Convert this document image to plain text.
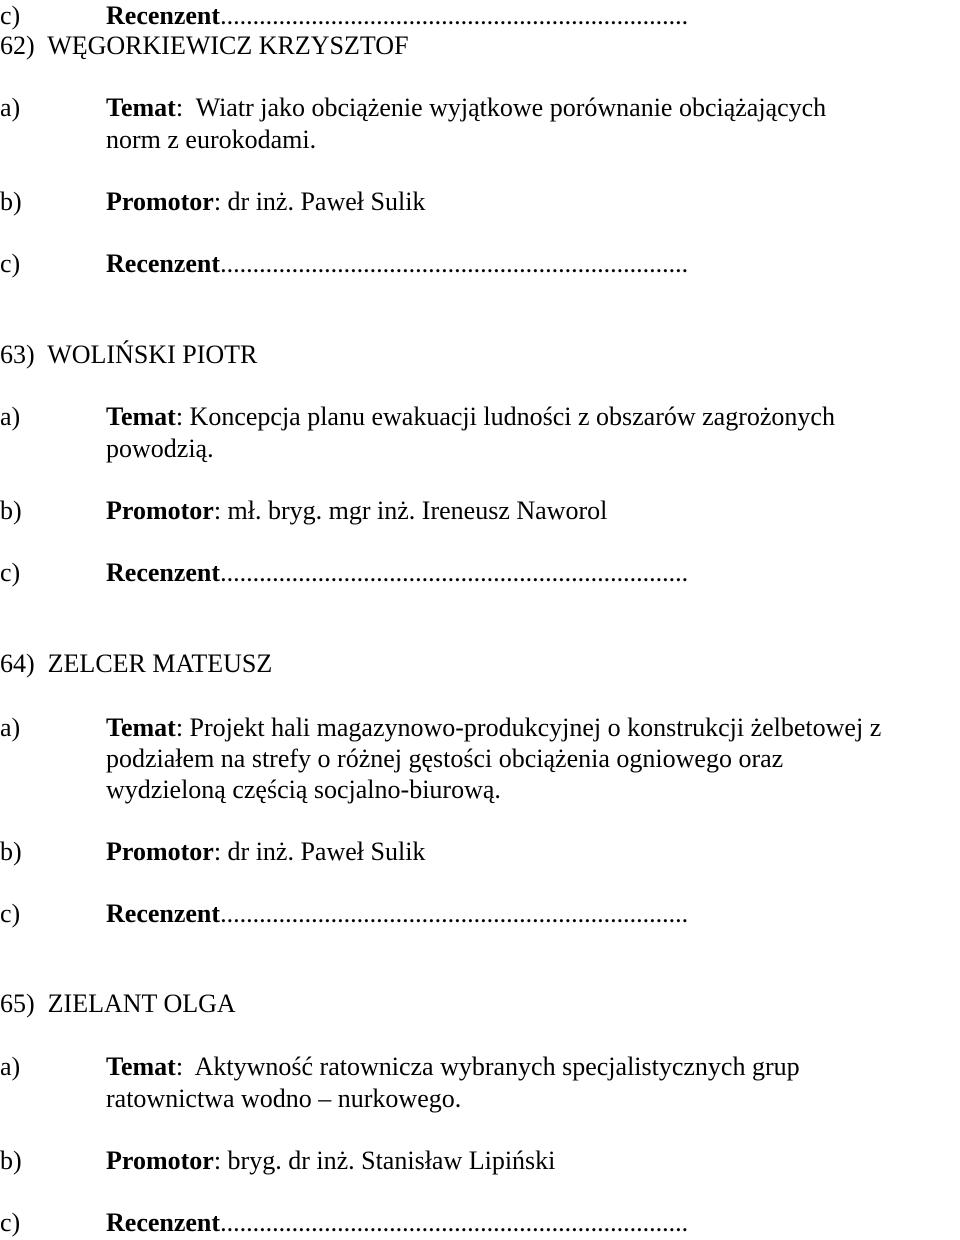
c)	Recenzent........................................................................
62) WĘGORKIEWICZ KRZYSZTOF
a)	Temat:  Wiatr jako obciążenie wyjątkowe porównanie obciążających
norm z eurokodami.
b)	Promotor: dr inż. Paweł Sulik
c)	Recenzent........................................................................
63) WOLIŃSKI PIOTR
a)	Temat: Koncepcja planu ewakuacji ludności z obszarów zagrożonych
powodzią.
b)	Promotor: mł. bryg. mgr inż. Ireneusz Naworol
c)	Recenzent........................................................................
64) ZELCER MATEUSZ
a)	Temat: Projekt hali magazynowo-produkcyjnej o konstrukcji żelbetowej z
podziałem na strefy o różnej gęstości obciążenia ogniowego oraz
wydzieloną częścią socjalno-biurową.
b)	Promotor: dr inż. Paweł Sulik
c)	Recenzent........................................................................
65) ZIELANT OLGA
a)	Temat:  Aktywność ratownicza wybranych specjalistycznych grup
ratownictwa wodno – nurkowego.
b)	Promotor: bryg. dr inż. Stanisław Lipiński
c)	Recenzent........................................................................
